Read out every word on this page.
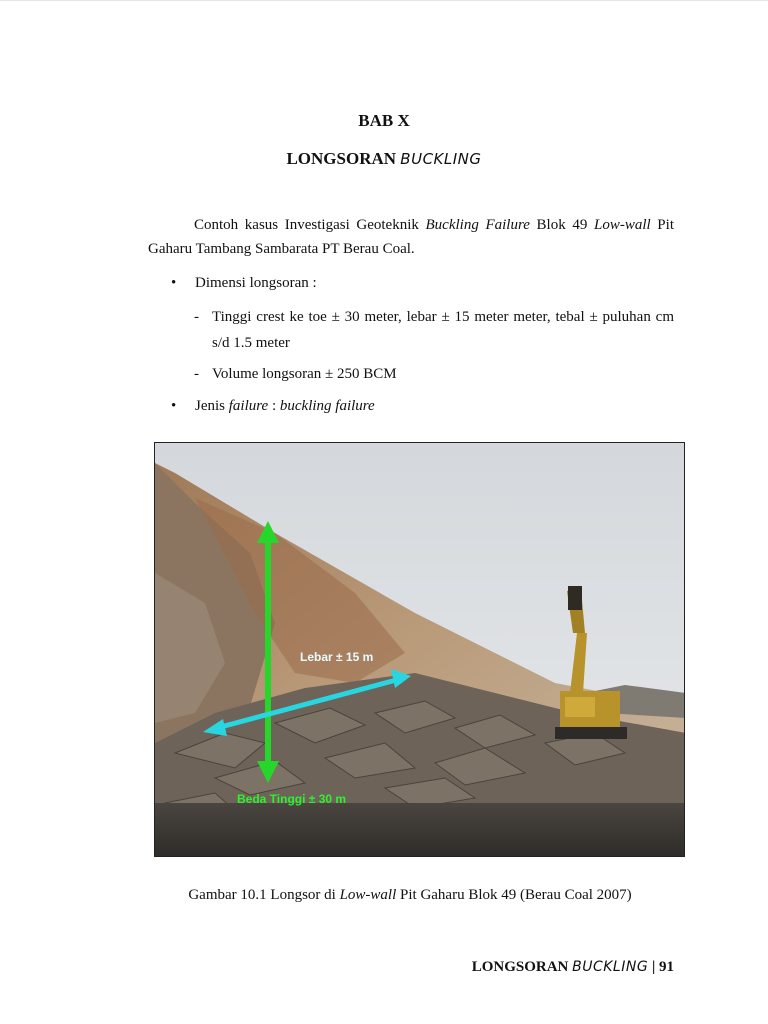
BAB X
LONGSORAN BUCKLING
Contoh kasus Investigasi Geoteknik Buckling Failure Blok 49 Low-wall Pit Gaharu Tambang Sambarata PT Berau Coal.
• Dimensi longsoran :
- Tinggi crest ke toe ± 30 meter, lebar ± 15 meter meter, tebal ± puluhan cm s/d 1.5 meter
- Volume longsoran ± 250 BCM
• Jenis failure : buckling failure
Lebar ± 15 m
Beda Tinggi ± 30 m
Gambar 10.1 Longsor di Low-wall Pit Gaharu Blok 49 (Berau Coal 2007)
LONGSORAN BUCKLING | 91
